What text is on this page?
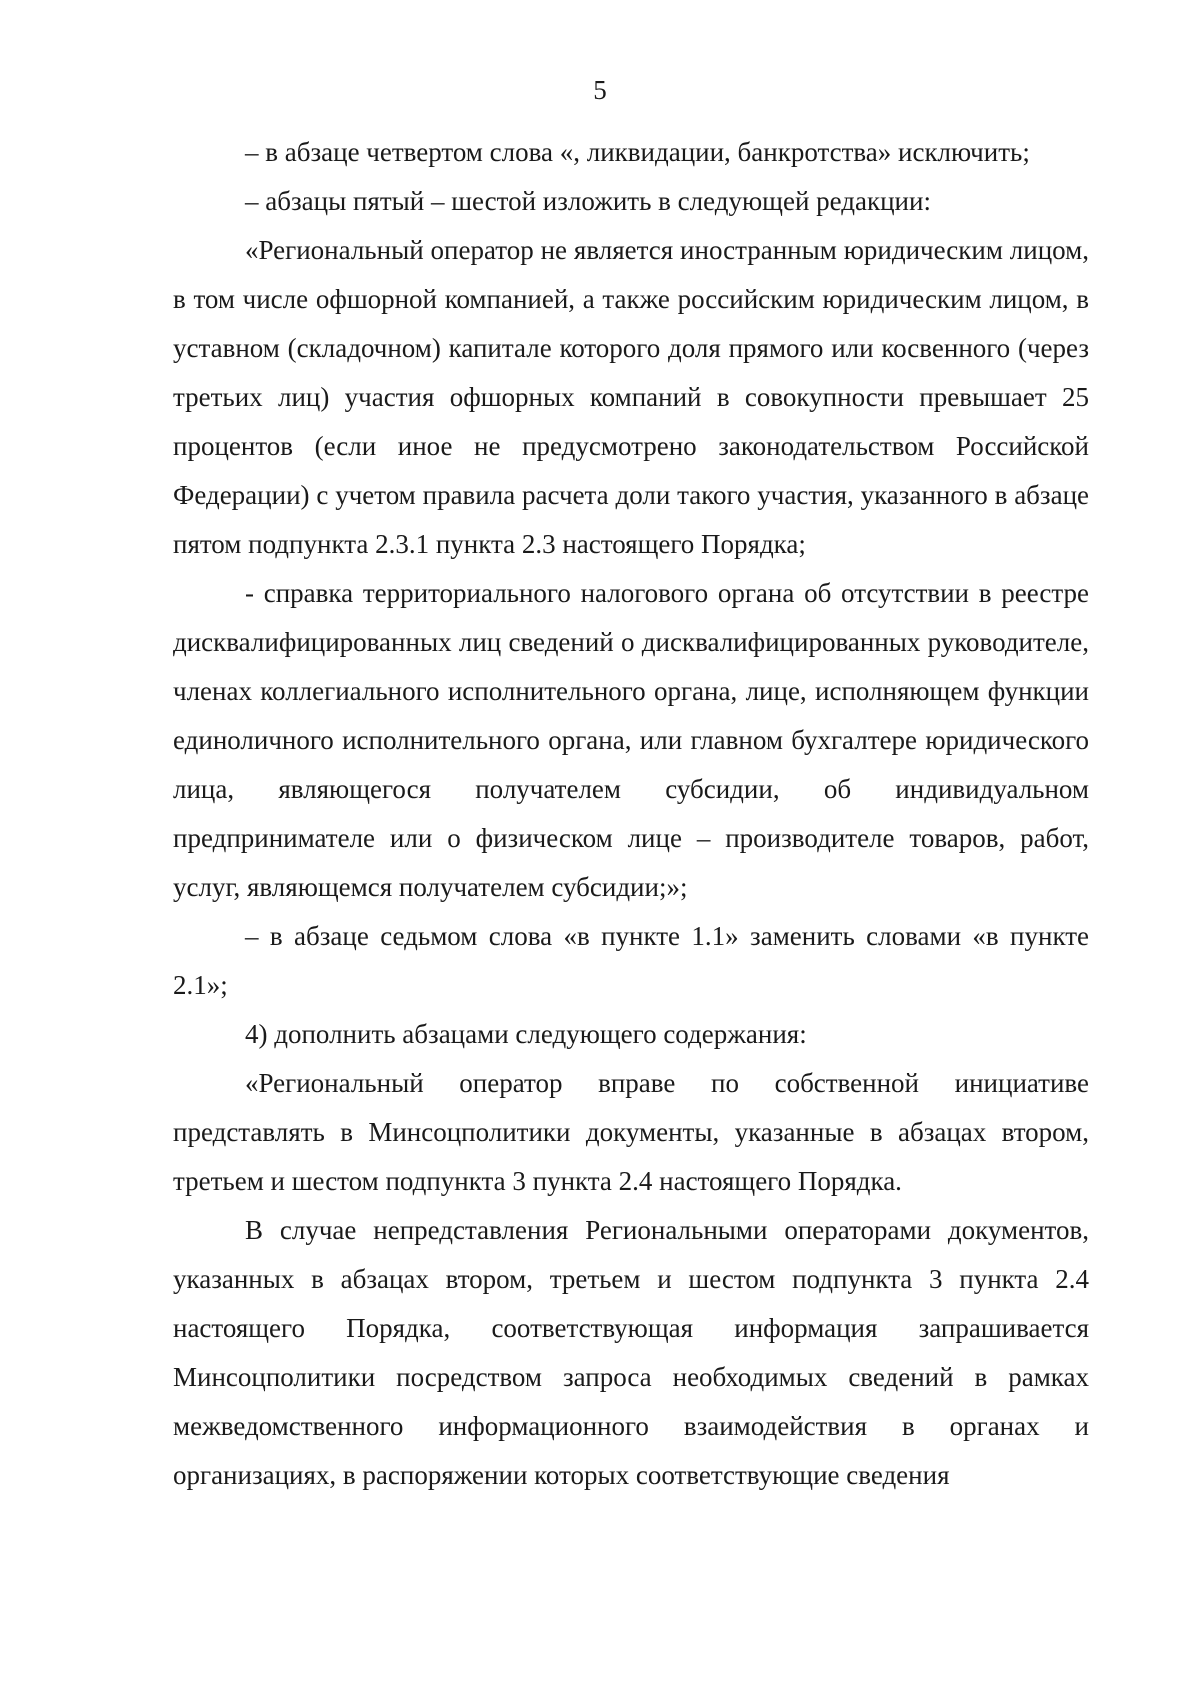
5

– в абзаце четвертом слова «, ликвидации, банкротства» исключить;

– абзацы пятый – шестой изложить в следующей редакции:

«Региональный оператор не является иностранным юридическим лицом, в том числе офшорной компанией, а также российским юридическим лицом, в уставном (складочном) капитале которого доля прямого или косвенного (через третьих лиц) участия офшорных компаний в совокупности превышает 25 процентов (если иное не предусмотрено законодательством Российской Федерации) с учетом правила расчета доли такого участия, указанного в абзаце пятом подпункта 2.3.1 пункта 2.3 настоящего Порядка;

- справка территориального налогового органа об отсутствии в реестре дисквалифицированных лиц сведений о дисквалифицированных руководителе, членах коллегиального исполнительного органа, лице, исполняющем функции единоличного исполнительного органа, или главном бухгалтере юридического лица, являющегося получателем субсидии, об индивидуальном предпринимателе или о физическом лице – производителе товаров, работ, услуг, являющемся получателем субсидии;»;

– в абзаце седьмом слова «в пункте 1.1» заменить словами «в пункте 2.1»;

4) дополнить абзацами следующего содержания:

«Региональный оператор вправе по собственной инициативе представлять в Минсоцполитики документы, указанные в абзацах втором, третьем и шестом подпункта 3 пункта 2.4 настоящего Порядка.

В случае непредставления Региональными операторами документов, указанных в абзацах втором, третьем и шестом подпункта 3 пункта 2.4 настоящего Порядка, соответствующая информация запрашивается Минсоцполитики посредством запроса необходимых сведений в рамках межведомственного информационного взаимодействия в органах и организациях, в распоряжении которых соответствующие сведения
